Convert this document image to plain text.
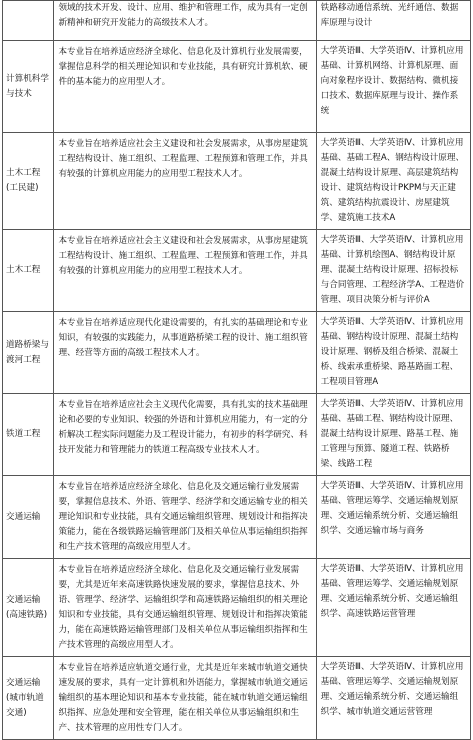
	领域的技术开发、设计、应用、维护和管理工作，成为具有一定创新精神和研究开发能力的高级技术人才。	铁路移动通信系统、光纤通信、数据库原理与设计
计算机科学与技术	本专业旨在培养适应经济全球化、信息化及计算机行业发展需要，掌握信息科学的相关理论知识和专业技能，具有研究计算机软、硬件的基本能力的应用型人才。	大学英语Ⅲ、大学英语Ⅳ、计算机应用基础、计算机网络、计算机原理、面向对象程序设计、数据结构、微机接口技术、数据库原理与设计、操作系统
土木工程(工民建)	本专业旨在培养适应社会主义建设和社会发展需求，从事房屋建筑工程结构设计、施工组织、工程监理、工程预算和管理工作，并具有较强的计算机应用能力的应用型工程技术人才。	大学英语Ⅲ、大学英语Ⅳ、计算机应用基础、基础工程A、钢结构设计原理、混凝土结构设计原理、高层建筑结构设计、建筑结构设计PKPM与天正建筑、建筑结构抗震设计、房屋建筑学、建筑施工技术A
土木工程	本专业旨在培养适应社会主义建设和社会发展需求，从事房屋建筑工程结构设计、施工组织、工程监理、工程预算和管理工作，并具有较强的计算机应用能力的应用型工程技术人才。	大学英语Ⅲ、大学英语Ⅳ、计算机应用基础、计算机绘图A、钢结构设计原理、混凝土结构设计原理、招标投标与合同管理、工程经济学A、工程造价管理、项目决策分析与评价A
道路桥梁与渡河工程	本专业旨在培养适应现代化建设需要的，有扎实的基础理论和专业知识，有较强的实践能力，从事道路桥梁工程的设计、施工组织管理、经营等方面的高级工程技术人才。	大学英语Ⅲ、大学英语Ⅳ、计算机应用基础、钢结构设计原理、混凝土结构设计原理、钢桥及组合桥梁、混凝土桥、线索承重桥梁、路基路面工程、工程项目管理A
铁道工程	本专业旨在培养适应社会主义现代化需要，具有扎实的技术基础理论和必要的专业知识、较强的外语和计算机应用能力，有一定的分析解决工程实际问题能力及工程设计能力，有初步的科学研究、科技开发能力和管理能力的铁道工程高级专业技术人才。	大学英语Ⅲ、大学英语Ⅳ、计算机应用基础、基础工程、钢结构设计原理、混凝土结构设计原理、路基工程、施工管理与预算、隧道工程、铁路桥梁、线路工程
交通运输	本专业旨在培养适应经济全球化、信息化及交通运输行业发展需要，掌握信息技术、外语、管理学、经济学和交通运输专业的相关理论知识和专业技能，具有交通运输组织管理、规划设计和指挥决策能力，能在各级铁路运输管理部门及相关单位从事运输组织指挥和生产技术管理的高级应用型人才。	大学英语Ⅲ、大学英语Ⅳ、计算机应用基础、管理运筹学、交通运输规划原理、交通运输系统分析、交通运输组织学、交通运输市场与商务
交通运输(高速铁路)	本专业旨在培养适应经济全球化、信息化及交通运输行业发展需要，尤其是近年来高速铁路快速发展的要求，掌握信息技术、外语、管理学、经济学、运输组织学和高速铁路运输组织的相关理论知识和专业技能，具有交通运输组织管理、规划设计和指挥决策能力，能在高速铁路运输管理部门及相关单位从事运输组织指挥和生产技术管理的高级应用型人才。	大学英语Ⅲ、大学英语Ⅳ、计算机应用基础、管理运筹学、交通运输规划原理、交通运输系统分析、交通运输组织学、高速铁路运营管理
交通运输(城市轨道交通)	本专业旨在培养适应轨道交通行业，尤其是近年来城市轨道交通快速发展的要求，具有一定计算机和外语能力，掌握城市轨道交通运输组织的基本理论知识和基本专业技能，能在城市轨道交通运输组织指挥、应急处理和安全管理，能在相关单位从事运输组织和生产、技术管理的应用性专门人才。	大学英语Ⅲ、大学英语Ⅳ、计算机应用基础、管理运筹学、交通运输规划原理、交通运输系统分析、交通运输组织学、城市轨道交通运营管理
